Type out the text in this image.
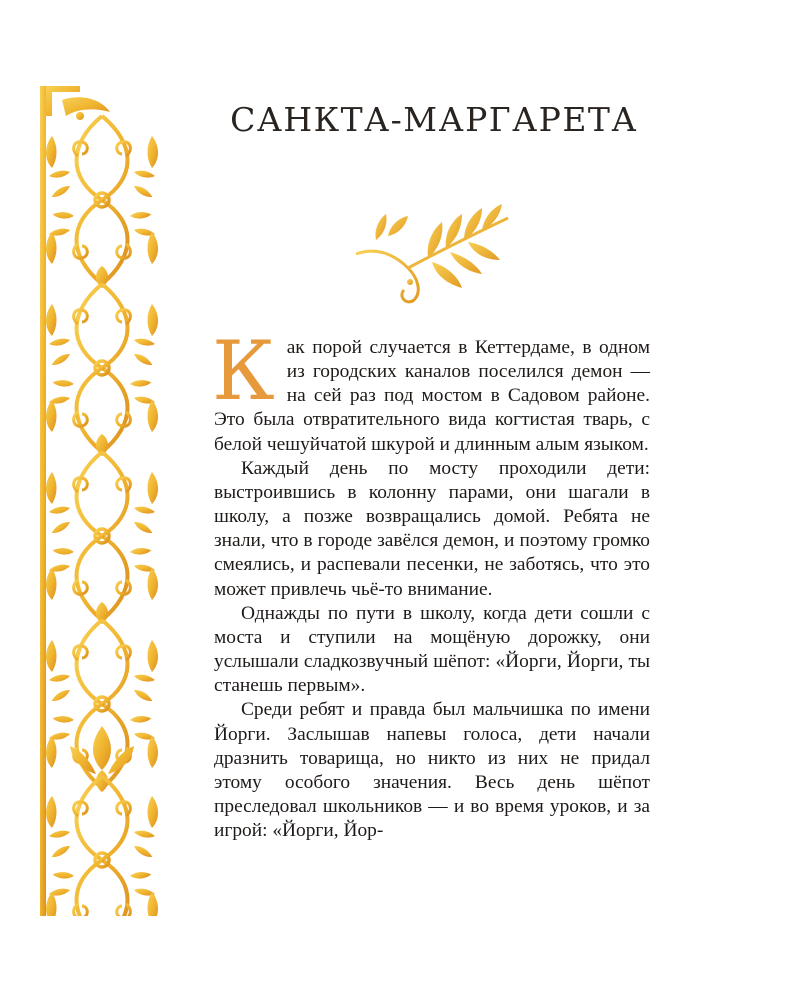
САНКТА-МАРГАРЕТА

Как порой случается в Кеттердаме, в одном из городских каналов поселился демон — на сей раз под мостом в Садовом районе. Это была отвратительного вида когтистая тварь, с белой чешуйчатой шкурой и длинным алым языком.

Каждый день по мосту проходили дети: выстроившись в колонну парами, они шагали в школу, а позже возвращались домой. Ребята не знали, что в городе завёлся демон, и поэтому громко смеялись, и распевали песенки, не заботясь, что это может привлечь чьё-то внимание.

Однажды по пути в школу, когда дети сошли с моста и ступили на мощёную дорожку, они услышали сладкозвучный шёпот: «Йорги, Йорги, ты станешь первым».

Среди ребят и правда был мальчишка по имени Йорги. Заслышав напевы голоса, дети начали дразнить товарища, но никто из них не придал этому особого значения. Весь день шёпот преследовал школьников — и во время уроков, и за игрой: «Йорги, Йор-
